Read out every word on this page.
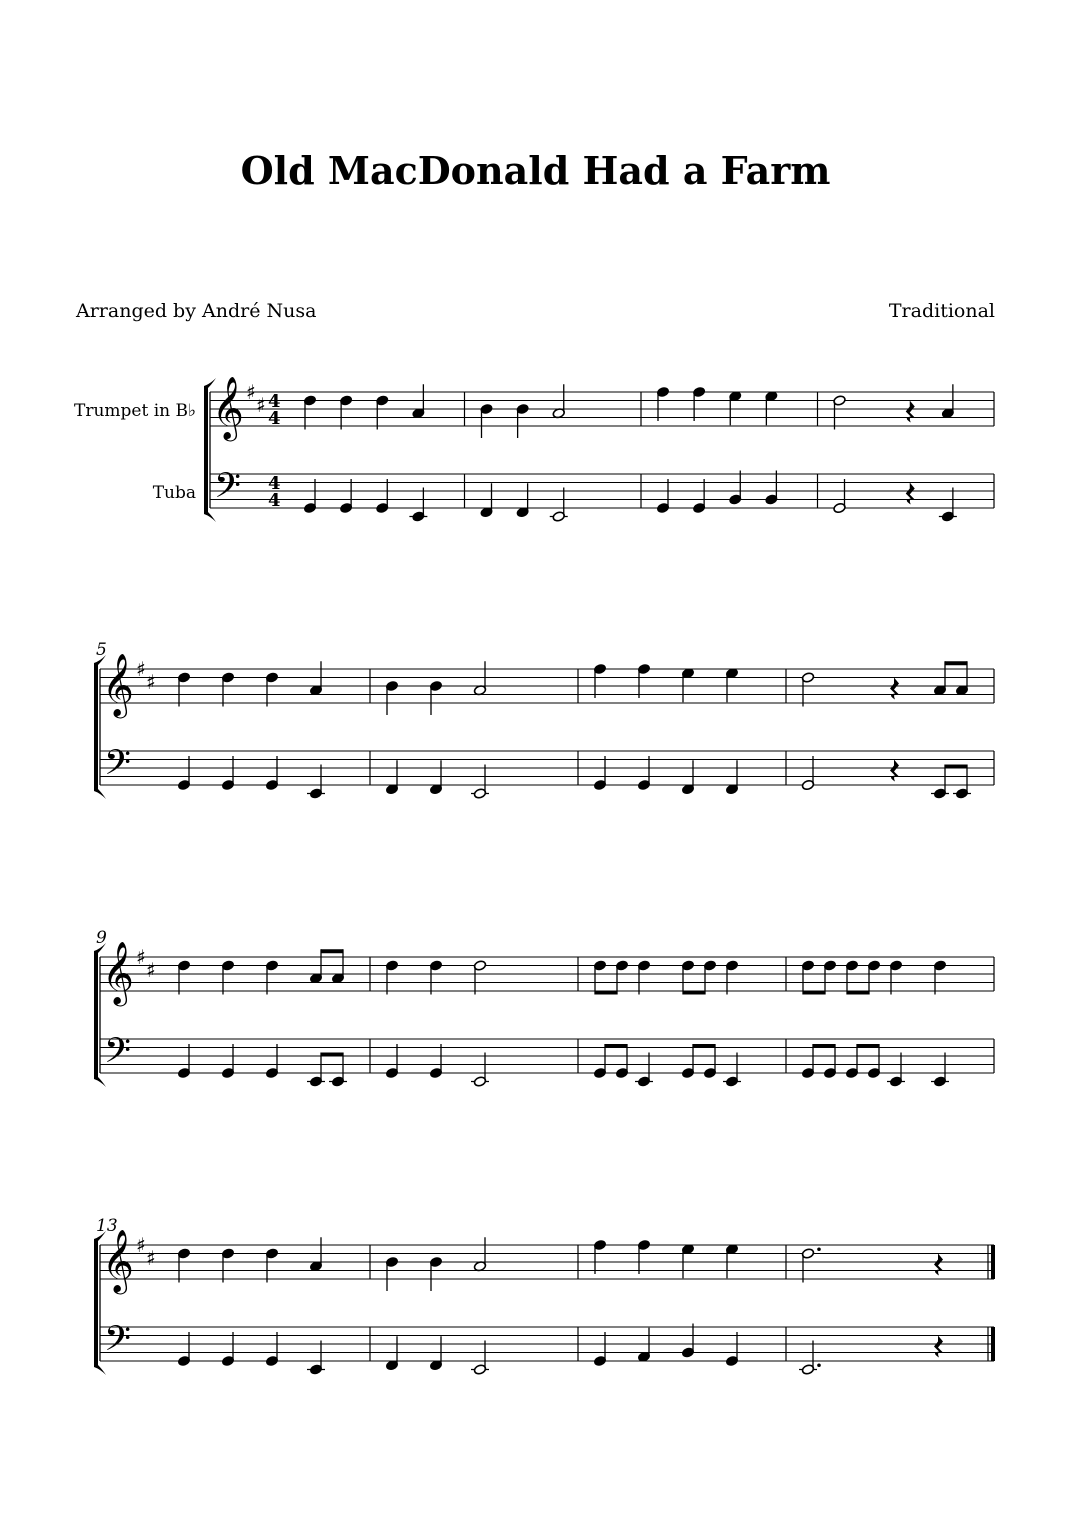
Old MacDonald Had a Farm
Arranged by André Nusa	Traditional
Trumpet in B♭
Tuba
𝄞
𝄢
♯
♯ 4
4
4
4
5
𝄞
𝄢
♯
♯
9
𝄞
𝄢
♯
♯
13
𝄞
𝄢
♯
♯
